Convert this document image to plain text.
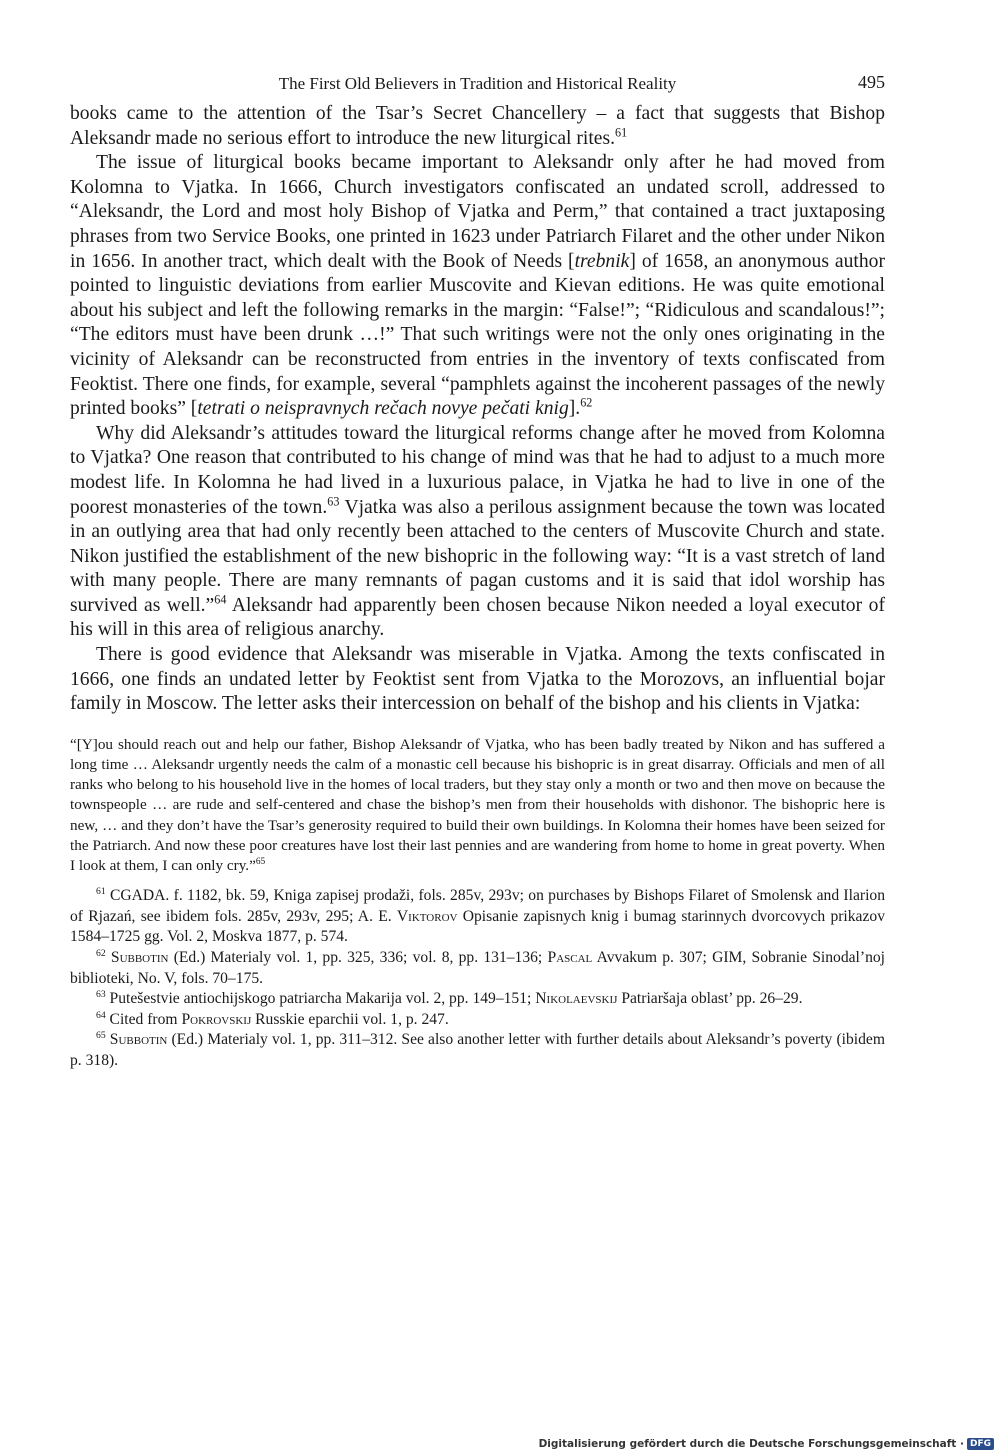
The First Old Believers in Tradition and Historical Reality	495

books came to the attention of the Tsar’s Secret Chancellery – a fact that suggests that Bishop Aleksandr made no serious effort to introduce the new liturgical rites.$^{61}$

The issue of liturgical books became important to Aleksandr only after he had moved from Kolomna to Vjatka. In 1666, Church investigators confiscated an undated scroll, addressed to “Aleksandr, the Lord and most holy Bishop of Vjatka and Perm,” that contained a tract juxtaposing phrases from two Service Books, one printed in 1623 under Patriarch Filaret and the other under Nikon in 1656. In another tract, which dealt with the Book of Needs [trebnik] of 1658, an anonymous author pointed to linguistic deviations from earlier Muscovite and Kievan editions. He was quite emotional about his subject and left the following remarks in the margin: “False!”; “Ridiculous and scandalous!”; “The editors must have been drunk …!” That such writings were not the only ones originating in the vicinity of Aleksandr can be reconstructed from entries in the inventory of texts confiscated from Feoktist. There one finds, for example, several “pamphlets against the incoherent passages of the newly printed books” [tetrati o neispravnych rečach novye pečati knig].$^{62}$

Why did Aleksandr’s attitudes toward the liturgical reforms change after he moved from Kolomna to Vjatka? One reason that contributed to his change of mind was that he had to adjust to a much more modest life. In Kolomna he had lived in a luxurious palace, in Vjatka he had to live in one of the poorest monasteries of the town.$^{63}$ Vjatka was also a perilous assignment because the town was located in an outlying area that had only recently been attached to the centers of Muscovite Church and state. Nikon justified the establishment of the new bishopric in the following way: “It is a vast stretch of land with many people. There are many remnants of pagan customs and it is said that idol worship has survived as well.”$^{64}$ Aleksandr had apparently been chosen because Nikon needed a loyal executor of his will in this area of religious anarchy.

There is good evidence that Aleksandr was miserable in Vjatka. Among the texts confiscated in 1666, one finds an undated letter by Feoktist sent from Vjatka to the Morozovs, an influential bojar family in Moscow. The letter asks their intercession on behalf of the bishop and his clients in Vjatka:

“[Y]ou should reach out and help our father, Bishop Aleksandr of Vjatka, who has been badly treated by Nikon and has suffered a long time … Aleksandr urgently needs the calm of a monastic cell because his bishopric is in great disarray. Officials and men of all ranks who belong to his household live in the homes of local traders, but they stay only a month or two and then move on because the townspeople … are rude and self-centered and chase the bishop’s men from their households with dishonor. The bishopric here is new, … and they don’t have the Tsar’s generosity required to build their own buildings. In Kolomna their homes have been seized for the Patriarch. And now these poor creatures have lost their last pennies and are wandering from home to home in great poverty. When I look at them, I can only cry.”$^{65}$

$^{61}$ CGADA. f. 1182, bk. 59, Kniga zapisej prodaži, fols. 285v, 293v; on purchases by Bishops Filaret of Smolensk and Ilarion of Rjazań, see ibidem fols. 285v, 293v, 295; A. E. Viktorov Opisanie zapisnych knig i bumag starinnych dvorcovych prikazov 1584–1725 gg. Vol. 2, Moskva 1877, p. 574.

$^{62}$ Subbotin (Ed.) Materialy vol. 1, pp. 325, 336; vol. 8, pp. 131–136; Pascal Avvakum p. 307; GIM, Sobranie Sinodal’noj biblioteki, No. V, fols. 70–175.

$^{63}$ Putešestvie antiochijskogo patriarcha Makarija vol. 2, pp. 149–151; Nikolaevskij Patriaršaja oblast’ pp. 26–29.

$^{64}$ Cited from Pokrovskij Russkie eparchii vol. 1, p. 247.

$^{65}$ Subbotin (Ed.) Materialy vol. 1, pp. 311–312. See also another letter with further details about Aleksandr’s poverty (ibidem p. 318).

Digitalisierung gefördert durch die Deutsche Forschungsgemeinschaft · DFG
